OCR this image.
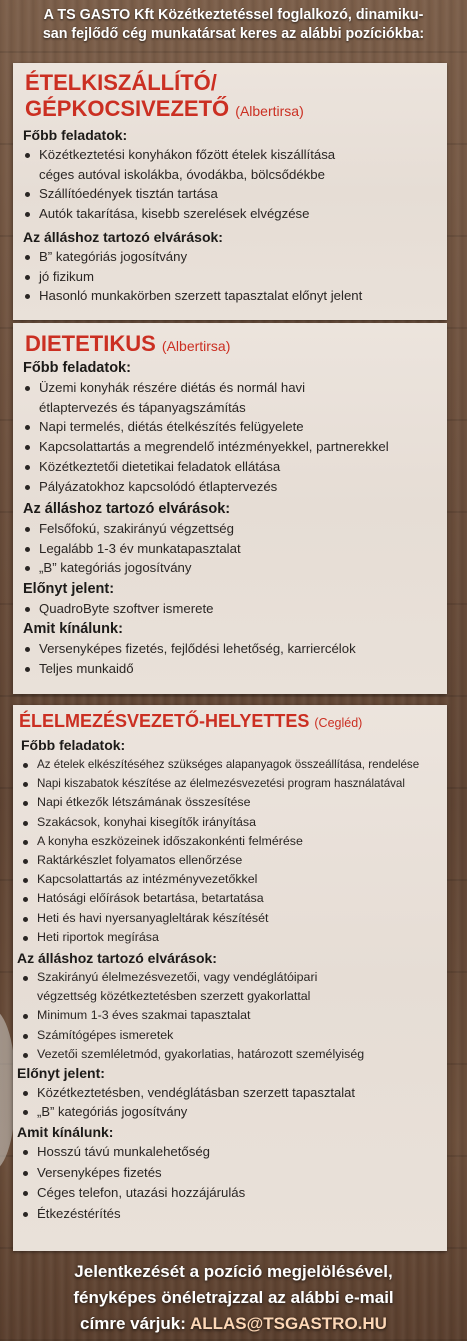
A TS GASTO Kft Közétkeztetéssel foglalkozó, dinamiku-
san fejlődő cég munkatársat keres az alábbi pozíciókba:
ÉTELKISZÁLLÍTÓ/
GÉPKOCSIVEZETŐ (Albertirsa)
Főbb feladatok:
Közétkeztetési konyhákon főzött ételek kiszállítása
céges autóval iskolákba, óvodákba, bölcsődékbe
Szállítóedények tisztán tartása
Autók takarítása, kisebb szerelések elvégzése
Az álláshoz tartozó elvárások:
B” kategóriás jogosítvány
jó fizikum
Hasonló munkakörben szerzett tapasztalat előnyt jelent
DIETETIKUS (Albertirsa)
Főbb feladatok:
Üzemi konyhák részére diétás és normál havi
étlaptervezés és tápanyagszámítás
Napi termelés, diétás ételkészítés felügyelete
Kapcsolattartás a megrendelő intézményekkel, partnerekkel
Közétkeztetői dietetikai feladatok ellátása
Pályázatokhoz kapcsolódó étlaptervezés
Az álláshoz tartozó elvárások:
Felsőfokú, szakirányú végzettség
Legalább 1-3 év munkatapasztalat
„B” kategóriás jogosítvány
Előnyt jelent:
QuadroByte szoftver ismerete
Amit kínálunk:
Versenyképes fizetés, fejlődési lehetőség, karriercélok
Teljes munkaidő
ÉLELMEZÉSVEZETŐ-HELYETTES (Cegléd)
Főbb feladatok:
Az ételek elkészítéséhez szükséges alapanyagok összeállítása, rendelése
Napi kiszabatok készítése az élelmezésvezetési program használatával
Napi étkezők létszámának összesítése
Szakácsok, konyhai kisegítők irányítása
A konyha eszközeinek időszakonkénti felmérése
Raktárkészlet folyamatos ellenőrzése
Kapcsolattartás az intézményvezetőkkel
Hatósági előírások betartása, betartatása
Heti és havi nyersanyagleltárak készítését
Heti riportok megírása
Az álláshoz tartozó elvárások:
Szakirányú élelmezésvezetői, vagy vendéglátóipari
végzettség közétkeztetésben szerzett gyakorlattal
Minimum 1-3 éves szakmai tapasztalat
Számítógépes ismeretek
Vezetői szemléletmód, gyakorlatias, határozott személyiség
Előnyt jelent:
Közétkeztetésben, vendéglátásban szerzett tapasztalat
„B” kategóriás jogosítvány
Amit kínálunk:
Hosszú távú munkalehetőség
Versenyképes fizetés
Céges telefon, utazási hozzájárulás
Étkezéstérítés
Jelentkezését a pozíció megjelölésével,
fényképes önéletrajzzal az alábbi e-mail
címre várjuk: ALLAS@TSGASTRO.HU
